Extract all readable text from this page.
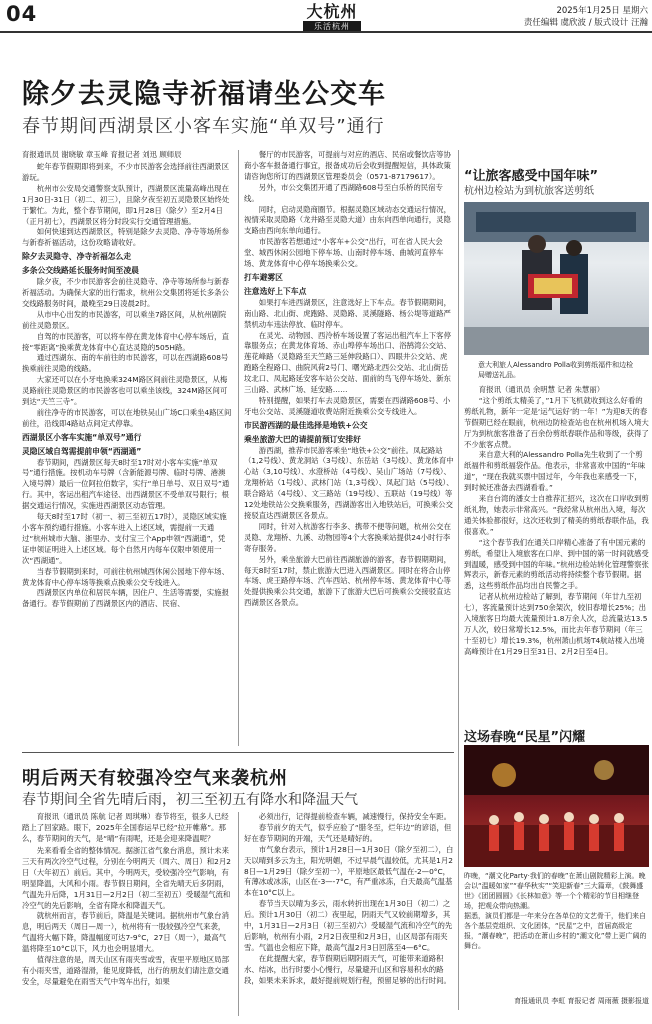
04	大杭州
乐活杭州
2025年1月25日 星期六
责任编辑 虞欣波 / 版式设计 汪瀚
除夕去灵隐寺祈福请坐公交车
春节期间西湖景区小客车实施“单双号”通行

育报通讯员 谢晓敏 章玉峰 育报记者 刘迅 顾师辰

蛇年春节假期即将到来，不少市民游客会选择前往西湖景区游玩。

杭州市公安局交通警察支队预计，西湖景区流量高峰出现在1月30日-31日（初二、初三），且除夕夜至初五灵隐景区始终处于繁忙。为此，整个春节期间，即1月28日（除夕）至2月4日（正月初七），西湖景区将分时段实行交通管理措施。

如何快速到达西湖景区，特别是除夕去灵隐、净寺等场所参与新春祈福活动，这份攻略请收好。

除夕去灵隐寺、净寺祈福怎么走

多条公交线路延长服务时间至凌晨

除夕夜，不少市民游客会前往灵隐寺、净寺等场所参与新春祈福活动。为确保大家的出行需求，杭州公交集团将延长多条公交线路服务时间，最晚至29日凌晨2时。

从市中心出发的市民游客，可以乘坐7路区间，从杭州剧院前往灵隐景区。

自驾的市民游客，可以将车停在黄龙体育中心停车场后，直接“零距离”换乘黄龙体育中心直达灵隐的505H路。

通过西湖东、南的车前往的市民游客，可以在西湖路608号换乘前往灵隐的线路。

大家还可以在小牙电换乘324M路区间前往灵隐景区，从梅灵路前往灵隐景区的市民游客也可以乘坐该线，324M路区间可到达“天竺三寺”。

前往净寺的市民游客，可以在地铁吴山广场C口乘坐4路区间前往，沿线即4路站点间定式停靠。

西湖景区小客车实施“单双号”通行

灵隐区域自驾需提前申领“西湖通”

春节期间，西湖景区每天8时至17时对小客车实施“单双号”通行措施。按机动车号牌（含新能源号牌、临时号牌、港澳入境号牌）最后一位阿拉伯数字，实行“单日单号、双日双号”通行。其中，客运出租汽车途径、出西湖景区不受单双号限行；根据交通运行情况，实施进西湖景区动态管理。

每天8时至17时（初一、初三至初五17时），灵隐区域实施小客车预约通行措施。小客车进入上述区域，需提前一天通过“杭州城市大脑、浙里办、支付宝三个App申领“西湖通”，凭证申领证明进入上述区域。每个自然月内每车仅限申领使用一次“西湖通”。

当春节假期到来时，可前往杭州城西休闲公园地下停车场、黄龙体育中心停车场等换乘点换乘公交专线进入。

西湖景区内单位和居民车辆，因住户、生活等需要，实施报备通行。春节假期前了西湖景区内的酒店、民宿、

餐厅的市民游客，可提前与对应的酒店、民宿或餐饮店等协商小客车报备通行事宜，报备成功后会收到提醒短信，具体政策请咨询您所订的西湖景区管理委员会（0571-87179617）。

另外，市公交集团开通了西湖路608号至白乐桥的民宿专线。

同时，启动灵隐商圈节。根据灵隐区域动态交通运行情况，视情采取灵隐路（龙井路至灵隐大道）由东向西单向通行，灵隐支路由西向东单向通行。

市民游客若想通过“小客车+公交”出行，可在省人民大会堂、城西休闲公园地下停车场、山南时停车场、曲城河直停车场、黄龙体育中心停车场换乘公交。

打车避雾区

注意选好上下车点

如果打车进西湖景区，注意选好上下车点。春节假期期间，南山路、北山街、虎跑路、灵隐路、灵溪隧路、杨公堤等道路严禁机动车违法停放、临时停车。

在灵光、动物园、西泠桥车场设置了客运出租汽车上下客停靠服务点；在黄龙体育场、赤山埠停车场出口、浴鹄湾公交站、莲花峰路（灵隐路至天竺路三延伸段路口）、四眼井公交站、虎跑路全程路口、曲院风荷2号门、曙光路北西公交站、北山街岳坟北口、凤起路延安客车站公交站、面前的鸟飞停车场处、新东三山路、武林广场、延安路……

特别提醒，如果打车去灵隐景区，需要在西湖路608号、小牙电公交站、灵溪隧道收费站附近换乘公交专线进入。

市民游西湖的最佳选择是地铁+公交

乘坐旅游大巴的请提前预订安排好

游西湖，推荐市民游客乘坐“地铁+公交”前往。凤起路站（1,2号线）、黄龙洞站（3号线）、东岳站（3号线）、黄龙体育中心站（3,10号线）、水澄桥站（4号线）、吴山广场站（7号线）、龙翔桥站（1号线）、武林门站（1,3号线）、凤起门站（5号线）、联合路站（4号线）、文三路站（19号线）、五联站（19号线）等12处地铁站公交换乘服务，西湖游客出入地铁站后，可换乘公交接驳直达西湖景区各景点。

同时，针对入杭游客行李多、携带不便等问题，杭州公交在灵隐、龙翔桥、九溪、动物园等4个大客换乘站提供24小时行李寄存服务。

另外，乘坐旅游大巴前往西湖旅游的游客，春节假期期间，每天8时至17时，禁止旅游大巴进入西湖景区。同时在将合山停车场、虎王路停车场、汽车西站、杭州停车场、黄龙体育中心等处提供换乘公共交通，旅游下了旅游大巴后可换乘公交接驳直达西湖景区各景点。

“让旅客感受中国年味”
杭州边检站为到杭旅客送剪纸
意大利旅人Alessandro Polla收到剪纸福件和边检局赠送礼品。

育报讯（通讯员 余明慧 记者 朱慧丽）

“这个剪纸太精美了，”1月下飞机就收到这么好看的剪纸礼物，新年一定是‘运气运好’的一年！”为迎8天的春节假期已经在眼前，杭州边防检查站也在杭州机场入境大厅为到杭旅客准备了百余份剪纸春联作品和等级，获得了不少旅客点赞。

来自意大利的Alessandro Polla先生收到了一个剪纸福件和剪纸福袋作品。他表示，非常喜欢中国的“年味道”，“现在我就买票中国过年，今年我也来感受一下，到时候还准备去西湖看看。”

来自台湾的潘女士自推荐汇招兴，这次在口岸收到剪纸礼物，她表示非常高兴。“我经常从杭州出入境，每次通关体验都很好，这次还收到了精美的剪纸春联作品，我很喜欢。”

“这个春节我们在通关口岸精心准备了有中国元素的剪纸，希望让入境旅客在口岸、到中国的第一时间就感受到温暖，感受到中国的年味。”杭州边检站转化管理警察张辉表示，新春元素的剪纸活动将持续整个春节假期。据悉，这些剪纸作品均出自民警之手。

记者从杭州边检站了解到，春节期间（年廿九至初七），客流量预计达到750余架次，较旧春增长25%；出入境旅客日均最大流量预计1.8万余人次，总流量达13.5万人次，较日常增长12.5%，而比去年春节期间（年三十至初七）增长19.3%，杭州萧山机场T4航站楼入出境高峰预计在1月29日至31日、2月2日至4日。

这场春晚“民星”闪耀
昨晚，“潮文化Party·我们的春晚”在萧山剧院精彩上演。晚会以“温暖如家”“春华秋实”“笑迎新春”三大篇章，《鼓舞盛世》《团团圆圆》《长林如意》等一个个精彩的节目相继登场，把观众带向热潮。
据悉，演员们都是一年来分在各单位的文艺骨干，他们来自各个基层党组织、文化团体，“民星”之中，首届高级定报，“潮春晚”，把活动在萧山乡村的“潮文化”带上更广阔的舞台。
育报通讯员 李虹 育报记者 周雨薇 摄影报道
明后两天有较强冷空气来袭杭州
春节期间全省先晴后雨，初三至初五有降水和降温天气

育报讯（通讯员 陈航 记者 周琪琳）春节将至，很多人已经踏上了回家路。眼下，2025年全国春运早已经“拉开帷幕”。那么，春节期间的天气，是“晴”有雨呢，还是会迎来降温呢？

先来看看全省的整体情况。据浙江省气象台消息，预计未来三天有两次冷空气过程，分别在今明两天（周六、周日）和2月2日（大年初五）前后。其中，今明两天，受较强冷空气影响，有明显降温，大风和小雨。春节假日期间，全省先晴天后多阴雨，气温先升后降，1月31日—2月2日（初二至初五）受暖湿气流和冷空气的先后影响，全省有降水和降温天气。

就杭州而言，春节前后，降温是关键词。据杭州市气象台消息，明后两天（周日—周一），杭州将有一股较强冷空气来袭，气温将大幅下降，降温幅度可达7-9°C，27日（周一），最高气温将降至10°C以下，风力也会明显增大。

值得注意的是，周天山区有雨夹雪或雪，夜里平原地区局部有小雨夹雪，道路湿滑，能见度降低，出行的朋友们请注意交通安全，尽量避免在雨雪天气中驾车出行，如果

必须出行，记得提前检查车辆，减速慢行，保持安全车距。

春节前夕的天气，似乎应验了“腊冬至，烂年边”的谚语，但好在春节期间的开端，天气还是晴好的。

市气象台表示，预计1月28日—1月30日（除夕至初二），白天以晴到多云为主，阳光明媚，不过早晨气温较低，尤其是1月28日—1月29日（除夕至初一），平原地区最低气温在-2—0°C，有薄冰或冰冻，山区在-3—-7°C，有严重冰冻，白天最高气温基本在10°C以上。

春节当天以晴为多云，雨水转折出现在1月30日（初二）之后。预计1月30日（初二）夜里起，阴雨天气又较前期增多，其中，1月31日—2月3日（初三至初六）受暖湿气流和冷空气的先后影响，杭州有小雨，2月2日夜里和2月3日，山区局部有雨夹雪。气温也会相应下降，最高气温2月3日回落至4—6°C。

在此提醒大家，春节假期后期阴雨天气，可能带来道路积水、结冰，出行时要小心慢行，尽量避开山区和容易积水的路段，如果未来诉求，最好提前规划行程，预留足够的出行时间。
